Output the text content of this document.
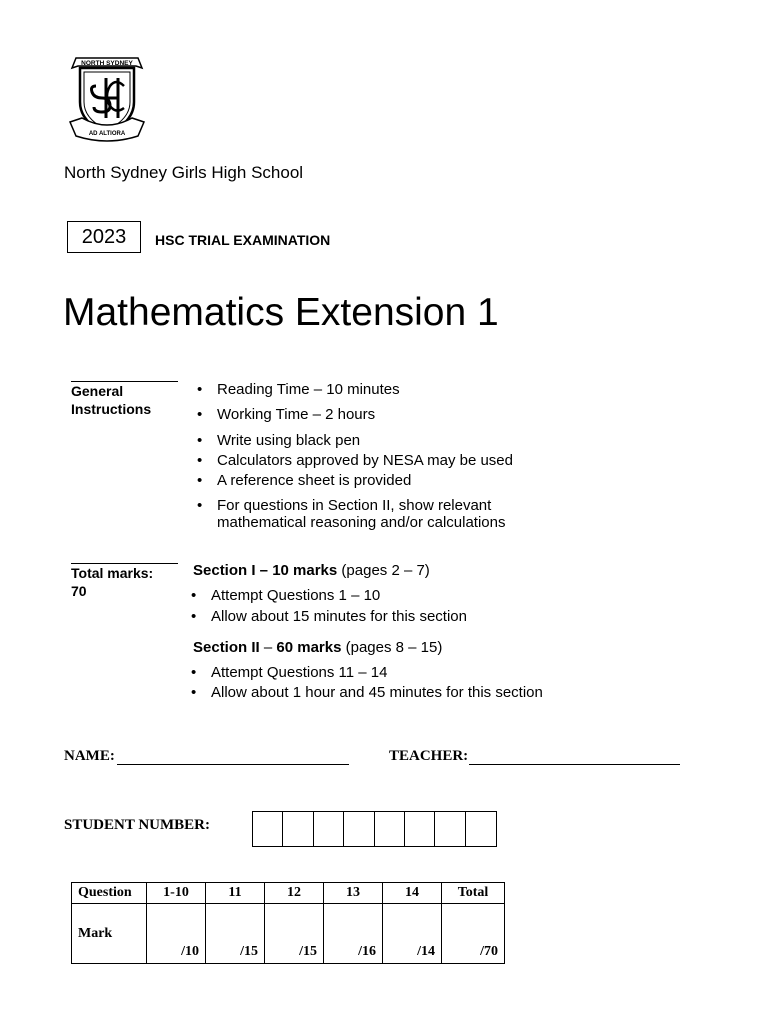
NORTH SYDNEY
AD ALTIORA
North Sydney Girls High School
2023	HSC TRIAL EXAMINATION
Mathematics Extension 1
General
Instructions
• Reading Time – 10 minutes
• Working Time – 2 hours
• Write using black pen
• Calculators approved by NESA may be used
• A reference sheet is provided
• For questions in Section II, show relevant
mathematical reasoning and/or calculations
Total marks:
70
Section I – 10 marks (pages 2 – 7)
• Attempt Questions 1 – 10
• Allow about 15 minutes for this section
Section II – 60 marks (pages 8 – 15)
• Attempt Questions 11 – 14
• Allow about 1 hour and 45 minutes for this section
NAME:	TEACHER:
STUDENT NUMBER:
Question	1-10	11	12	13	14	Total
Mark	/10	/15	/15	/16	/14	/70
